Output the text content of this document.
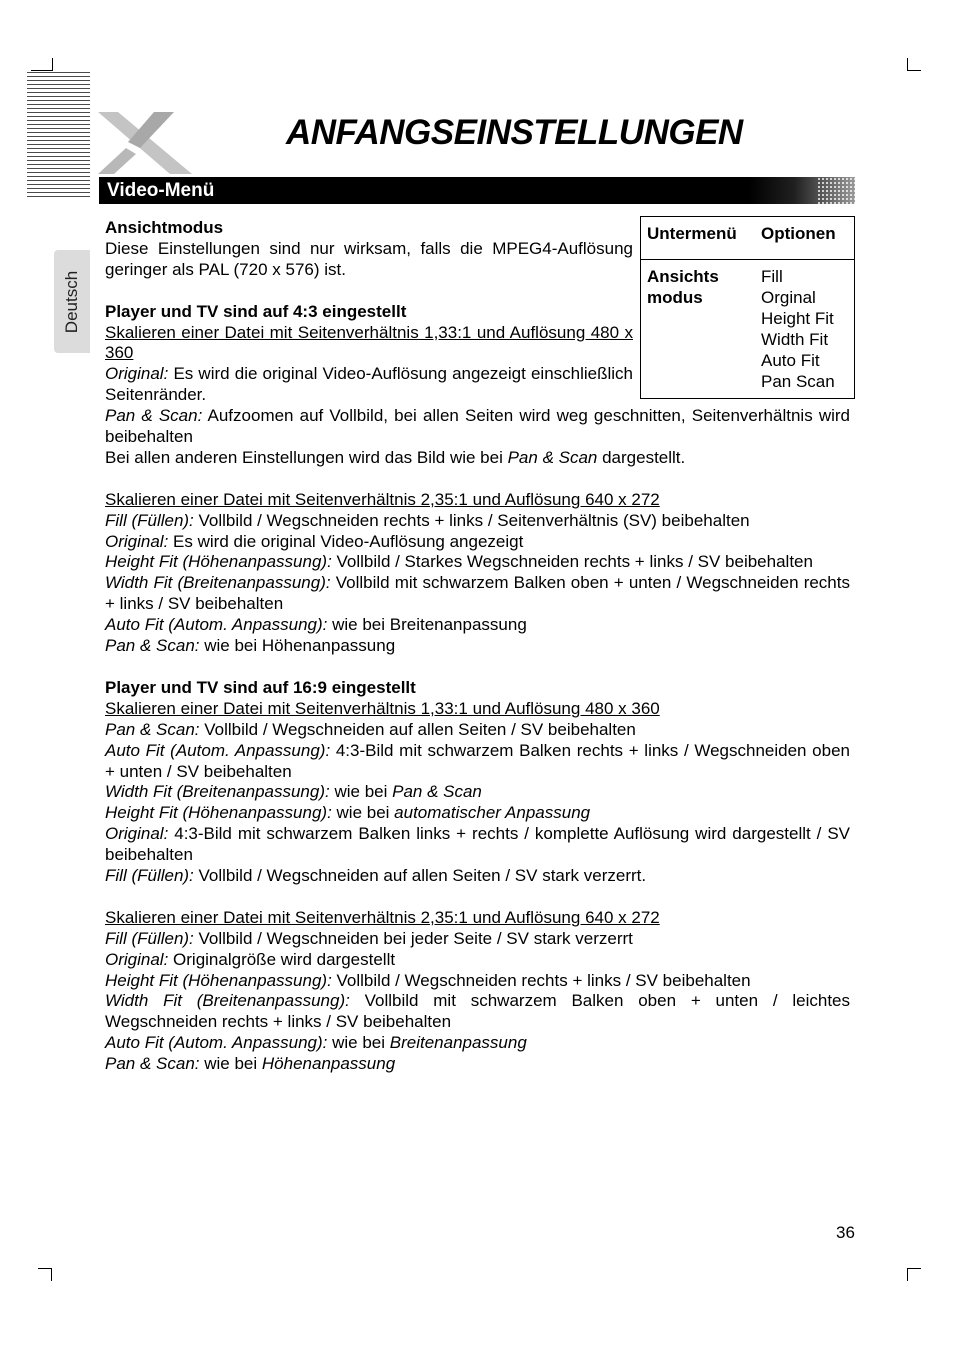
ANFANGSEINSTELLUNGEN
Video-Menü
Deutsch
Untermenü Optionen
Ansichts
modus
Fill
Orginal
Height Fit
Width Fit
Auto Fit
Pan Scan

Ansichtmodus

Diese Einstellungen sind nur wirksam, falls die MPEG4-Auflösung geringer als PAL (720 x 576) ist.

Player und TV sind auf 4:3 eingestellt

Skalieren einer Datei mit Seitenverhältnis 1,33:1 und Auflösung 480 x 360

Original: Es wird die original Video-Auflösung angezeigt einschließlich Seitenränder.

Pan & Scan: Aufzoomen auf Vollbild, bei allen Seiten wird weg geschnitten, Seitenverhältnis wird beibehalten

Bei allen anderen Einstellungen wird das Bild wie bei Pan & Scan dargestellt.

Skalieren einer Datei mit Seitenverhältnis 2,35:1 und Auflösung 640 x 272

Fill (Füllen): Vollbild / Wegschneiden rechts + links / Seitenverhältnis (SV) beibehalten

Original: Es wird die original Video-Auflösung angezeigt

Height Fit (Höhenanpassung): Vollbild / Starkes Wegschneiden rechts + links / SV beibehalten

Width Fit (Breitenanpassung): Vollbild mit schwarzem Balken oben + unten / Wegschneiden rechts + links / SV beibehalten

Auto Fit (Autom. Anpassung): wie bei Breitenanpassung

Pan & Scan: wie bei Höhenanpassung

Player und TV sind auf 16:9 eingestellt

Skalieren einer Datei mit Seitenverhältnis 1,33:1 und Auflösung 480 x 360

Pan & Scan: Vollbild / Wegschneiden auf allen Seiten / SV beibehalten

Auto Fit (Autom. Anpassung): 4:3-Bild mit schwarzem Balken rechts + links / Wegschneiden oben + unten / SV beibehalten

Width Fit (Breitenanpassung): wie bei Pan & Scan

Height Fit (Höhenanpassung): wie bei automatischer Anpassung

Original: 4:3-Bild mit schwarzem Balken links + rechts / komplette Auflösung wird dargestellt / SV beibehalten

Fill (Füllen): Vollbild / Wegschneiden auf allen Seiten / SV stark verzerrt.

Skalieren einer Datei mit Seitenverhältnis 2,35:1 und Auflösung 640 x 272

Fill (Füllen): Vollbild / Wegschneiden bei jeder Seite / SV stark verzerrt

Original: Originalgröße wird dargestellt

Height Fit (Höhenanpassung): Vollbild / Wegschneiden rechts + links / SV beibehalten

Width Fit (Breitenanpassung): Vollbild mit schwarzem Balken oben + unten / leichtes Wegschneiden rechts + links / SV beibehalten

Auto Fit (Autom. Anpassung): wie bei Breitenanpassung

Pan & Scan: wie bei Höhenanpassung

36
